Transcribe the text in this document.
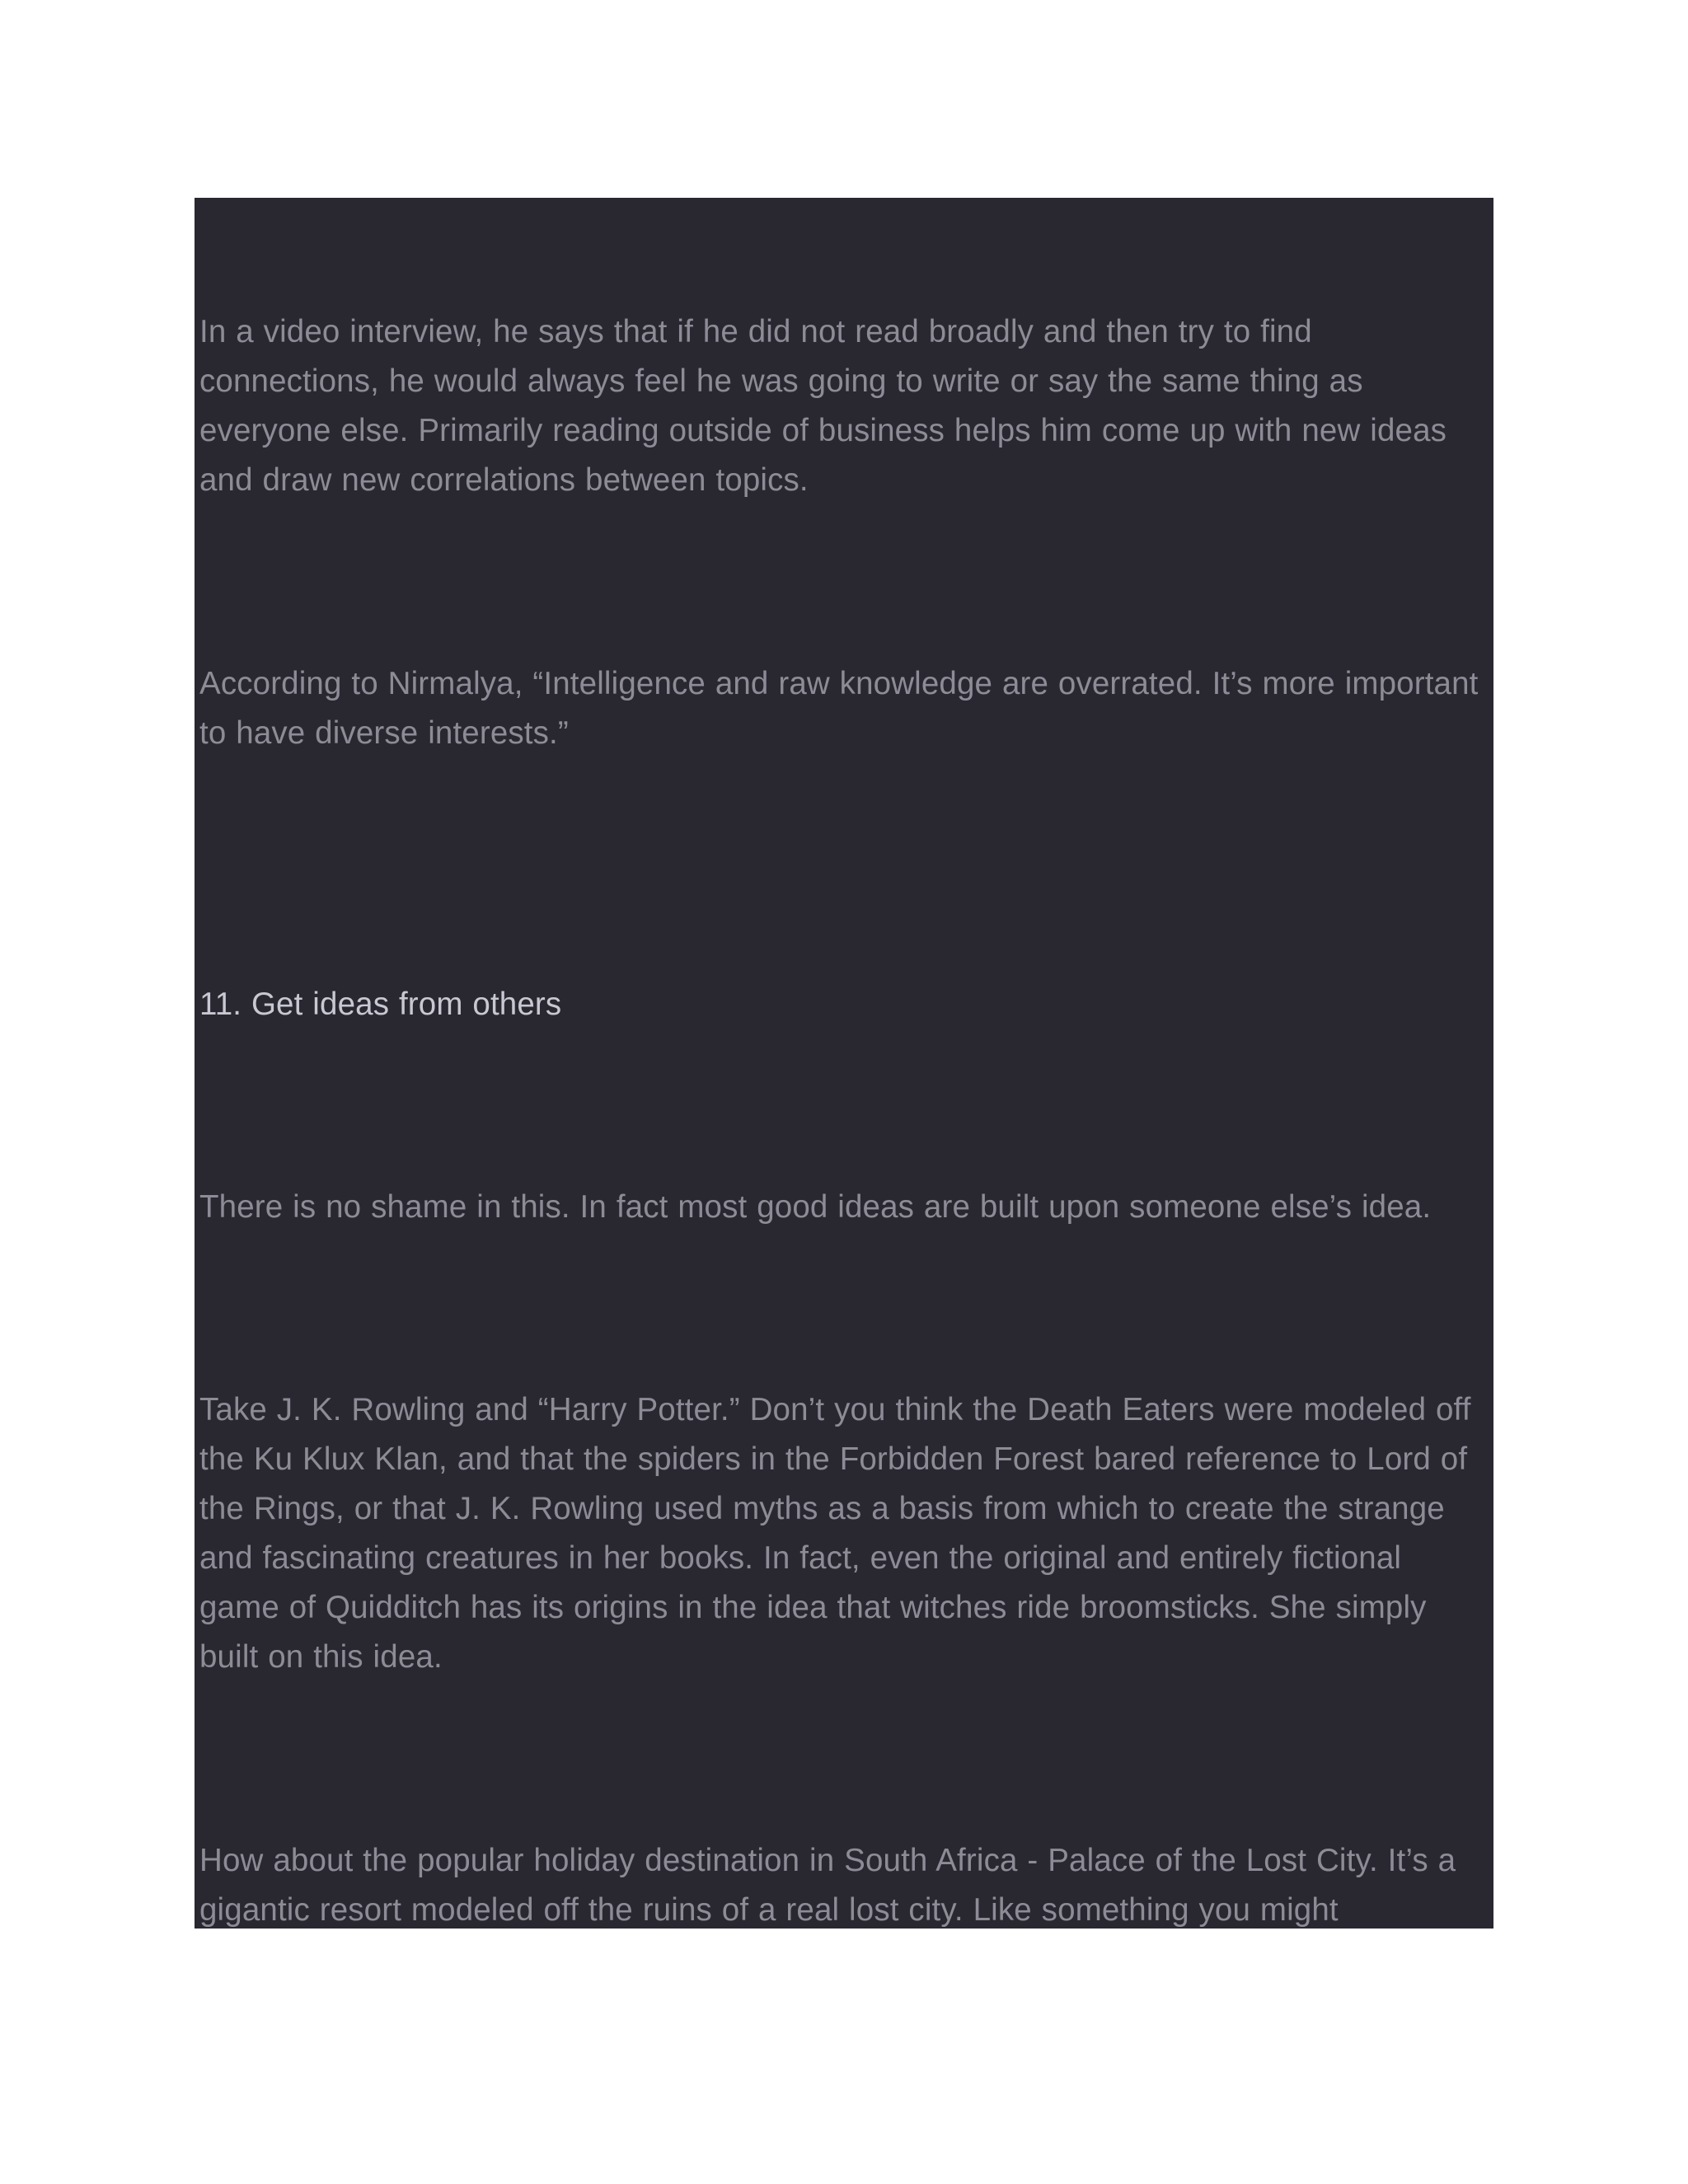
In a video interview, he says that if he did not read broadly and then try to find connections, he would always feel he was going to write or say the same thing as everyone else. Primarily reading outside of business helps him come up with new ideas and draw new correlations between topics.

According to Nirmalya, “Intelligence and raw knowledge are overrated. It’s more important to have diverse interests.”

11. Get ideas from others

There is no shame in this. In fact most good ideas are built upon someone else’s idea.

Take J. K. Rowling and “Harry Potter.” Don’t you think the Death Eaters were modeled off the Ku Klux Klan, and that the spiders in the Forbidden Forest bared reference to Lord of the Rings, or that J. K. Rowling used myths as a basis from which to create the strange and fascinating creatures in her books. In fact, even the original and entirely fictional game of Quidditch has its origins in the idea that witches ride broomsticks. She simply built on this idea.

How about the popular holiday destination in South Africa - Palace of the Lost City. It’s a gigantic resort modeled off the ruins of a real lost city. Like something you might
